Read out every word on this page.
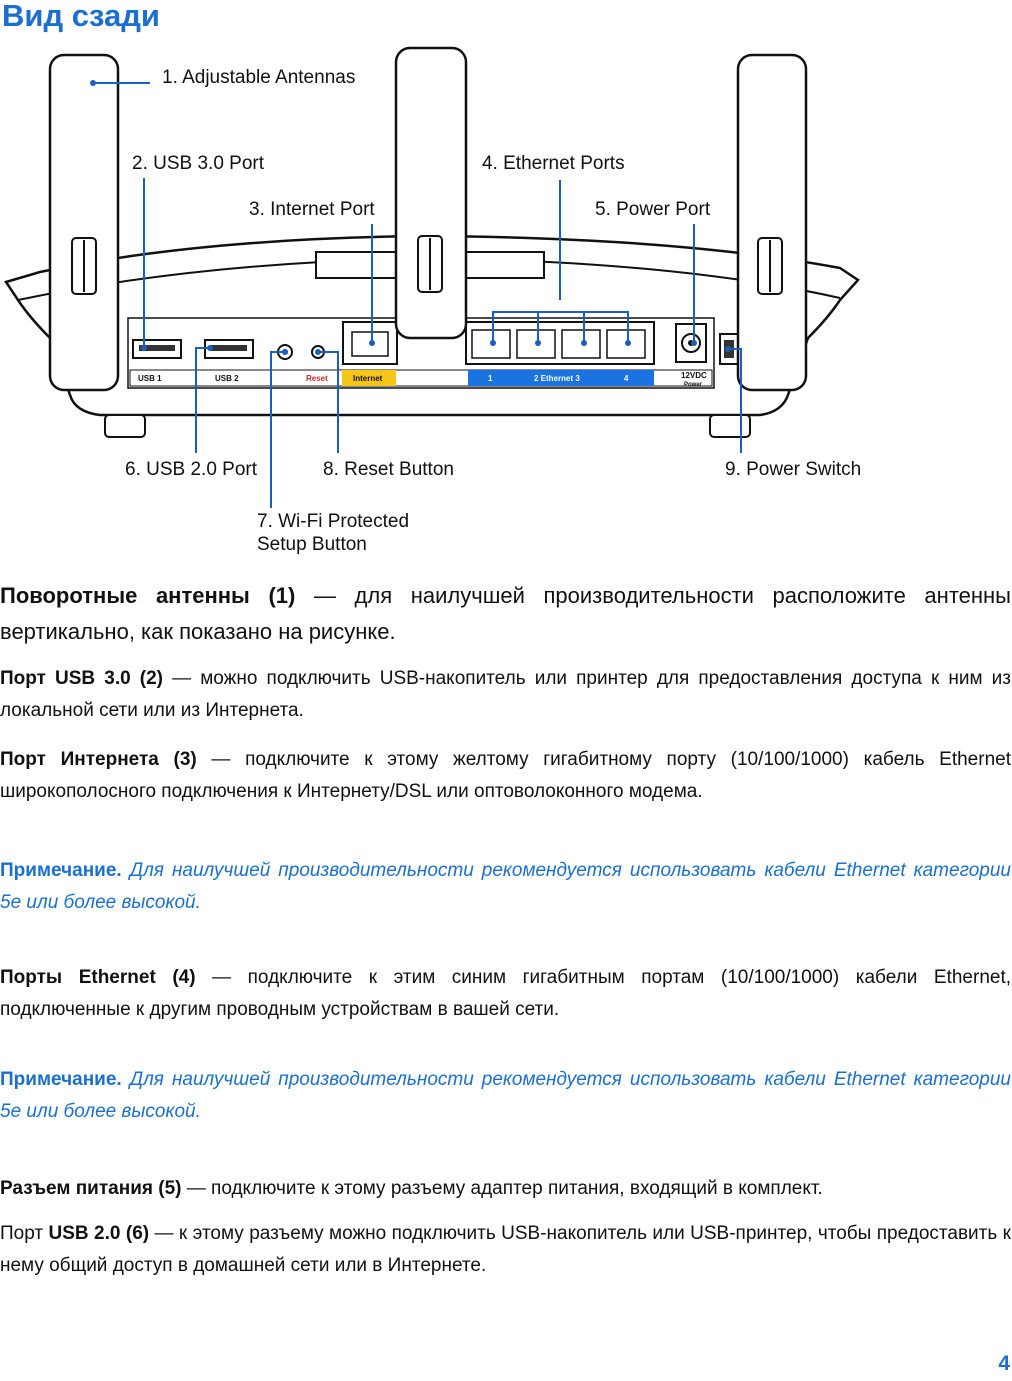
Вид сзади
USB 1	USB 2	Reset	Internet	1	2 Ethernet 3	4	12VDC
Power
1. Adjustable Antennas
2. USB 3.0 Port
3. Internet Port
4. Ethernet Ports
5. Power Port
6. USB 2.0 Port	8. Reset Button	9. Power Switch
7. Wi-Fi Protected
Setup Button

Поворотные антенны (1) — для наилучшей производительности расположите антенны вертикально, как показано на рисунке.

Порт USB 3.0 (2) — можно подключить USB-накопитель или принтер для предоставления доступа к ним из локальной сети или из Интернета.

Порт Интернета (3) — подключите к этому желтому гигабитному порту (10/100/1000) кабель Ethernet широкополосного подключения к Интернету/DSL или оптоволоконного модема.

Примечание. Для наилучшей производительности рекомендуется использовать кабели Ethernet категории 5e или более высокой.

Порты Ethernet (4) — подключите к этим синим гигабитным портам (10/100/1000) кабели Ethernet, подключенные к другим проводным устройствам в вашей сети.

Примечание. Для наилучшей производительности рекомендуется использовать кабели Ethernet категории 5e или более высокой.

Разъем питания (5) — подключите к этому разъему адаптер питания, входящий в комплект.

Порт USB 2.0 (6) — к этому разъему можно подключить USB-накопитель или USB-принтер, чтобы предоставить к нему общий доступ в домашней сети или в Интернете.

4
